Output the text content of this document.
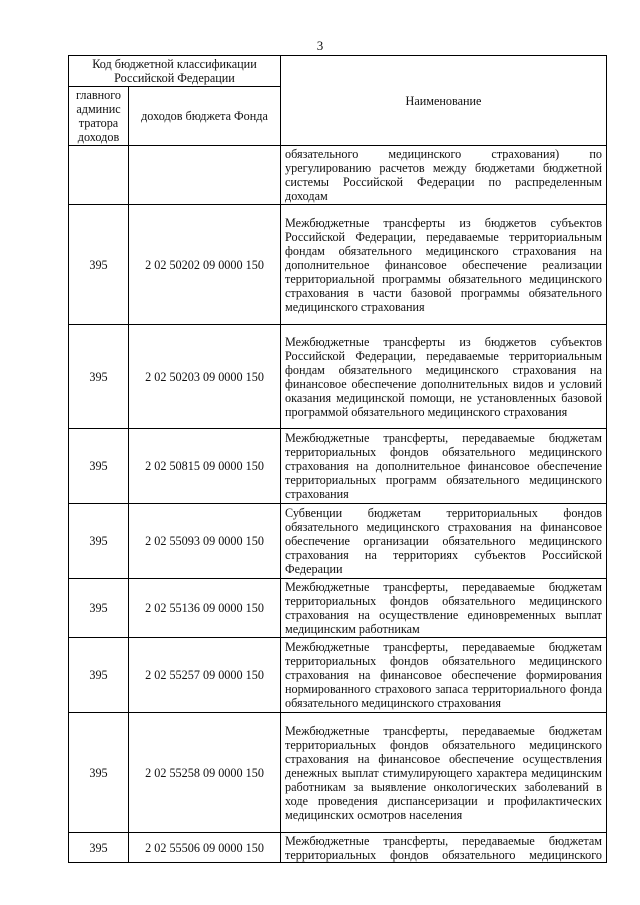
3
Код бюджетной классификации Российской Федерации		Наименование
главного админис тратора доходов	доходов бюджета Фонда	
		обязательного медицинского страхования) по урегулированию расчетов между бюджетами бюджетной системы Российской Федерации по распределенным доходам
395	2 02 50202 09 0000 150	Межбюджетные трансферты из бюджетов субъектов Российской Федерации, передаваемые территориальным фондам обязательного медицинского страхования на дополнительное финансовое обеспечение реализации территориальной программы обязательного медицинского страхования в части базовой программы обязательного медицинского страхования
395	2 02 50203 09 0000 150	Межбюджетные трансферты из бюджетов субъектов Российской Федерации, передаваемые территориальным фондам обязательного медицинского страхования на финансовое обеспечение дополнительных видов и условий оказания медицинской помощи, не установленных базовой программой обязательного медицинского страхования
395	2 02 50815 09 0000 150	Межбюджетные трансферты, передаваемые бюджетам территориальных фондов обязательного медицинского страхования на дополнительное финансовое обеспечение территориальных программ обязательного медицинского страхования
395	2 02 55093 09 0000 150	Субвенции бюджетам территориальных фондов обязательного медицинского страхования на финансовое обеспечение организации обязательного медицинского страхования на территориях субъектов Российской Федерации
395	2 02 55136 09 0000 150	Межбюджетные трансферты, передаваемые бюджетам территориальных фондов обязательного медицинского страхования на осуществление единовременных выплат медицинским работникам
395	2 02 55257 09 0000 150	Межбюджетные трансферты, передаваемые бюджетам территориальных фондов обязательного медицинского страхования на финансовое обеспечение формирования нормированного страхового запаса территориального фонда обязательного медицинского страхования
395	2 02 55258 09 0000 150	Межбюджетные трансферты, передаваемые бюджетам территориальных фондов обязательного медицинского страхования на финансовое обеспечение осуществления денежных выплат стимулирующего характера медицинским работникам за выявление онкологических заболеваний в ходе проведения диспансеризации и профилактических медицинских осмотров населения
395	2 02 55506 09 0000 150	Межбюджетные трансферты, передаваемые бюджетам территориальных фондов обязательного медицинского
